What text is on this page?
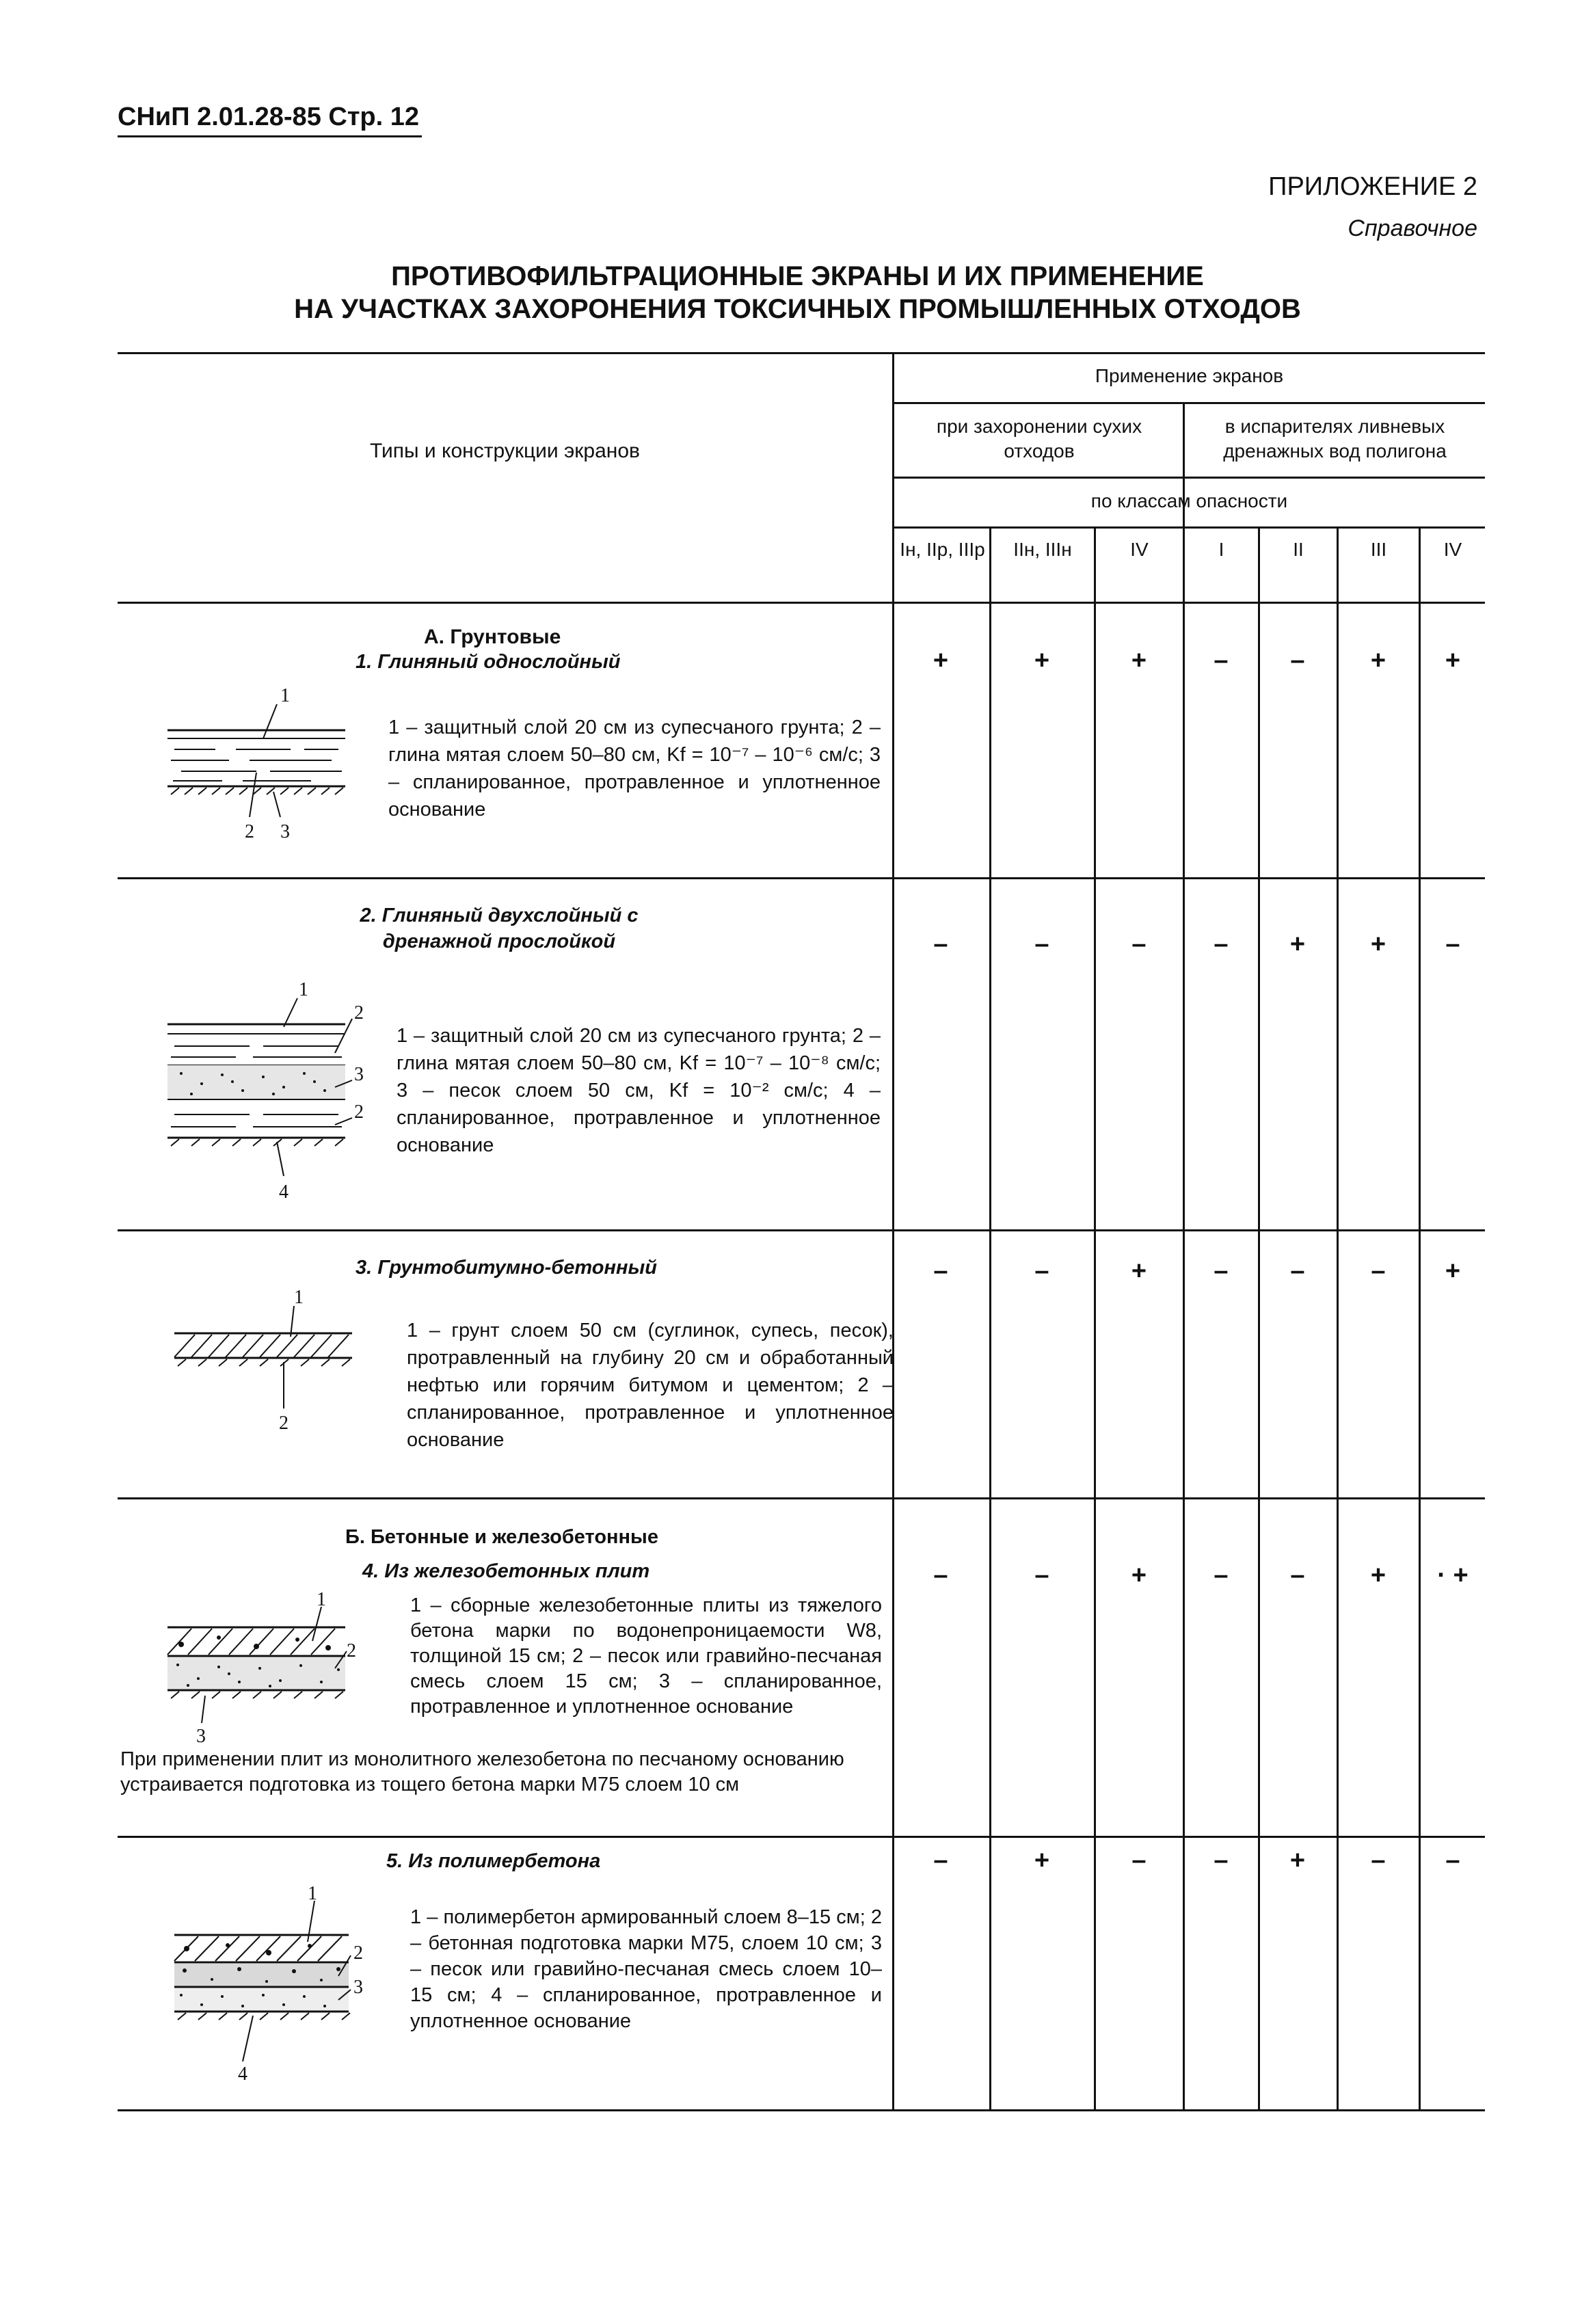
СНиП 2.01.28-85 Стр. 12
ПРИЛОЖЕНИЕ 2
Справочное
ПРОТИВОФИЛЬТРАЦИОННЫЕ ЭКРАНЫ И ИХ ПРИМЕНЕНИЕ
НА УЧАСТКАХ ЗАХОРОНЕНИЯ ТОКСИЧНЫХ ПРОМЫШЛЕННЫХ ОТХОДОВ
Типы и конструкции экранов
Применение экранов
при захоронении сухих отходов
в испарителях ливневых дренажных вод полигона
по классам опасности
Iн, IIр, IIIр	IIн, IIIн	IV	I	II	III	IV
А. Грунтовые
1. Глиняный однослойный
1
2 3
1 – защитный слой 20 см из супесчаного грунта; 2 – глина мятая слоем 50–80 см, Kf = 10⁻⁷ – 10⁻⁶ см/с; 3 – спланированное, протравленное и уплотненное основание
+	+	+	–	–	+	+
2. Глиняный двухслойный с дренажной прослойкой
1
2
3
2
4
1 – защитный слой 20 см из супесчаного грунта; 2 – глина мятая слоем 50–80 см, Kf = 10⁻⁷ – 10⁻⁸ см/с; 3 – песок слоем 50 см, Kf = 10⁻² см/с; 4 – спланированное, протравленное и уплотненное основание
–	–	–	–	+	+	–
3. Грунтобитумно-бетонный
1
2
1 – грунт слоем 50 см (суглинок, супесь, песок), протравленный на глубину 20 см и обработанный нефтью или горячим битумом и цементом; 2 – спланированное, протравленное и уплотненное основание
–	–	+	–	–	–	+
Б. Бетонные и железобетонные
4. Из железобетонных плит
1
2
3
1 – сборные железобетонные плиты из тяжелого бетона марки по водонепроницаемости W8, толщиной 15 см; 2 – песок или гравийно-песчаная смесь слоем 15 см; 3 – спланированное, протравленное и уплотненное основание
При применении плит из монолитного железобетона по песчаному основанию устраивается подготовка из тощего бетона марки М75 слоем 10 см
–	–	+	–	–	+	· +
5. Из полимербетона
1
2
3
4
1 – полимербетон армированный слоем 8–15 см; 2 – бетонная подготовка марки М75, слоем 10 см; 3 – песок или гравийно-песчаная смесь слоем 10–15 см; 4 – спланированное, протравленное и уплотненное основание
–	+	–	–	+	–	–
